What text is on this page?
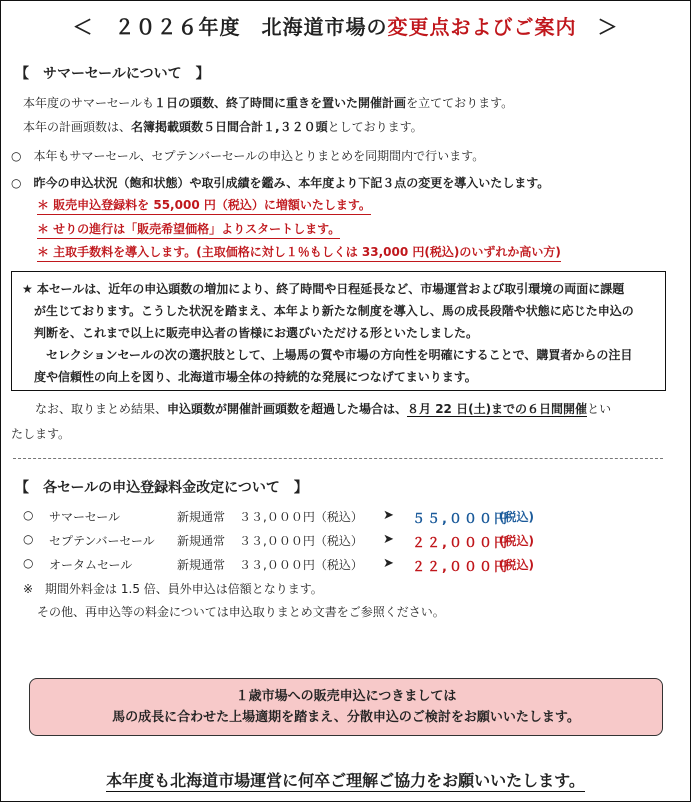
＜　２０２６年度　北海道市場の変更点およびご案内　＞
【　サマーセールについて　】
本年度のサマーセールも１日の頭数、終了時間に重きを置いた開催計画を立てております。
本年の計画頭数は、名簿掲載頭数５日間合計１,３２０頭としております。
○　本年もサマーセール、セプテンバーセールの申込とりまとめを同期間内で行います。
○　昨今の申込状況（飽和状態）や取引成績を鑑み、本年度より下記３点の変更を導入いたします。
＊ 販売申込登録料を 55,000 円（税込）に増額いたします。
＊ せりの進行は「販売希望価格」よりスタートします。
＊ 主取手数料を導入します。(主取価格に対し１％もしくは 33,000 円(税込)のいずれか高い方)
★ 本セールは、近年の申込頭数の増加により、終了時間や日程延長など、市場運営および取引環境の両面に課題
　が生じております。こうした状況を踏まえ、本年より新たな制度を導入し、馬の成長段階や状態に応じた申込の
　判断を、これまで以上に販売申込者の皆様にお選びいただける形といたしました。
　　セレクションセールの次の選択肢として、上場馬の質や市場の方向性を明確にすることで、購買者からの注目
　度や信頼性の向上を図り、北海道市場全体の持続的な発展につなげてまいります。
なお、取りまとめ結果、申込頭数が開催計画頭数を超過した場合は、８月 22 日(土)までの６日間開催とい
たします。
【　各セールの申込登録料金改定について　】
○ サマーセール	新規通常 ３３,０００円（税込） ➤ ５５,０００円
(税込)
○ セプテンバーセール 新規通常 ３３,０００円（税込） ➤ ２２,０００円
(税込)
○ オータムセール	新規通常 ３３,０００円（税込） ➤ ２２,０００円
(税込)
※　期間外料金は 1.5 倍、員外申込は倍額となります。
その他、再申込等の料金については申込取りまとめ文書をご参照ください。
１歳市場への販売申込につきましては
馬の成長に合わせた上場適期を踏まえ、分散申込のご検討をお願いいたします。
本年度も北海道市場運営に何卒ご理解ご協力をお願いいたします。
